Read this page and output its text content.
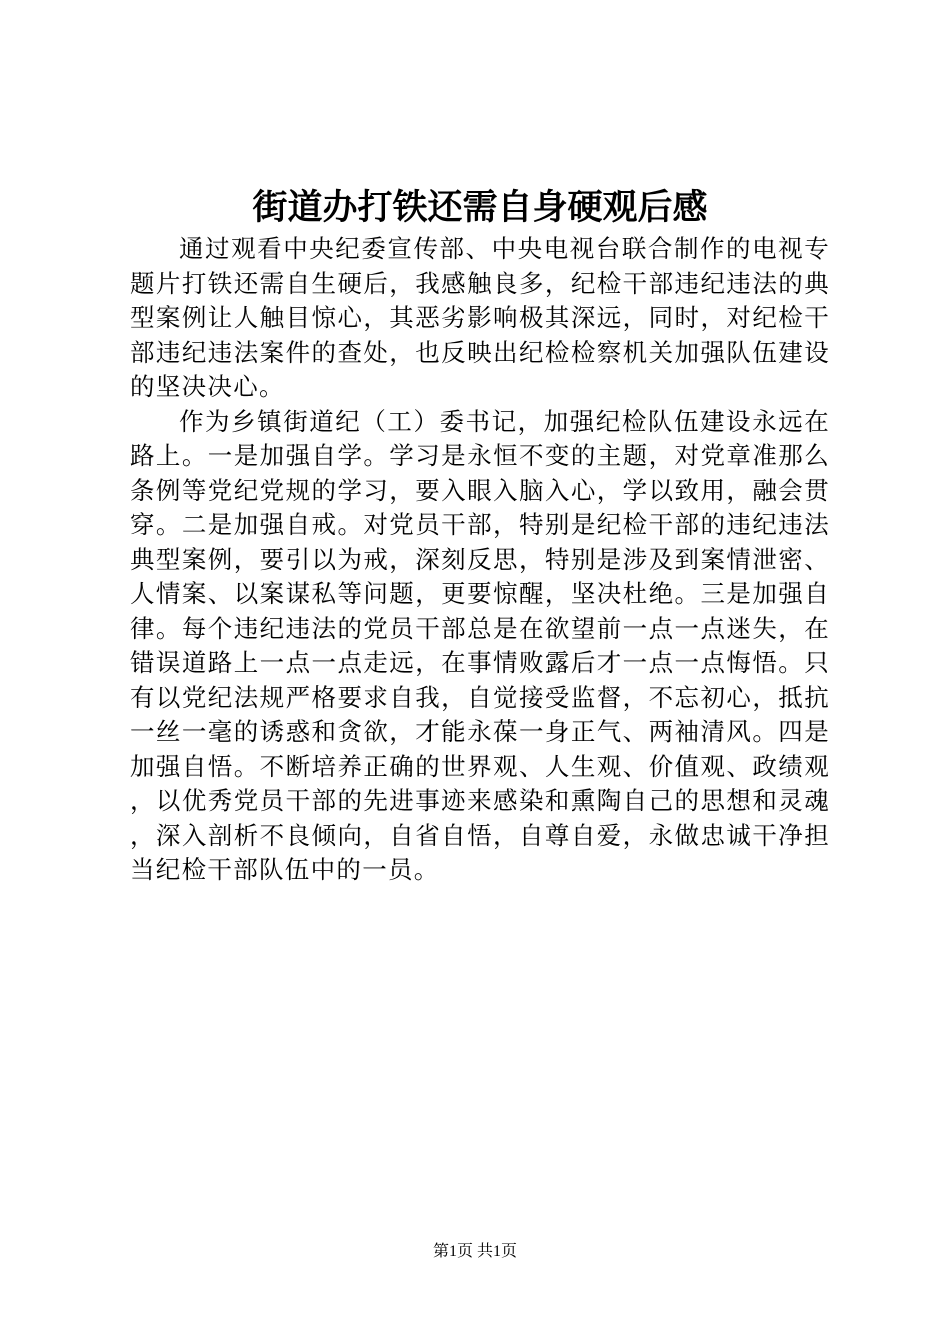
街道办打铁还需自身硬观后感

通过观看中央纪委宣传部、中央电视台联合制作的电视专题片打铁还需自生硬后，我感触良多，纪检干部违纪违法的典型案例让人触目惊心，其恶劣影响极其深远，同时，对纪检干部违纪违法案件的查处，也反映出纪检检察机关加强队伍建设的坚决决心。

作为乡镇街道纪（工）委书记，加强纪检队伍建设永远在路上。一是加强自学。学习是永恒不变的主题，对党章准那么条例等党纪党规的学习，要入眼入脑入心，学以致用，融会贯穿。二是加强自戒。对党员干部，特别是纪检干部的违纪违法典型案例，要引以为戒，深刻反思，特别是涉及到案情泄密、人情案、以案谋私等问题，更要惊醒，坚决杜绝。三是加强自律。每个违纪违法的党员干部总是在欲望前一点一点迷失，在错误道路上一点一点走远，在事情败露后才一点一点悔悟。只有以党纪法规严格要求自我，自觉接受监督，不忘初心，抵抗一丝一毫的诱惑和贪欲，才能永葆一身正气、两袖清风。四是加强自悟。不断培养正确的世界观、人生观、价值观、政绩观，以优秀党员干部的先进事迹来感染和熏陶自己的思想和灵魂，深入剖析不良倾向，自省自悟，自尊自爱，永做忠诚干净担当纪检干部队伍中的一员。

第1页 共1页
